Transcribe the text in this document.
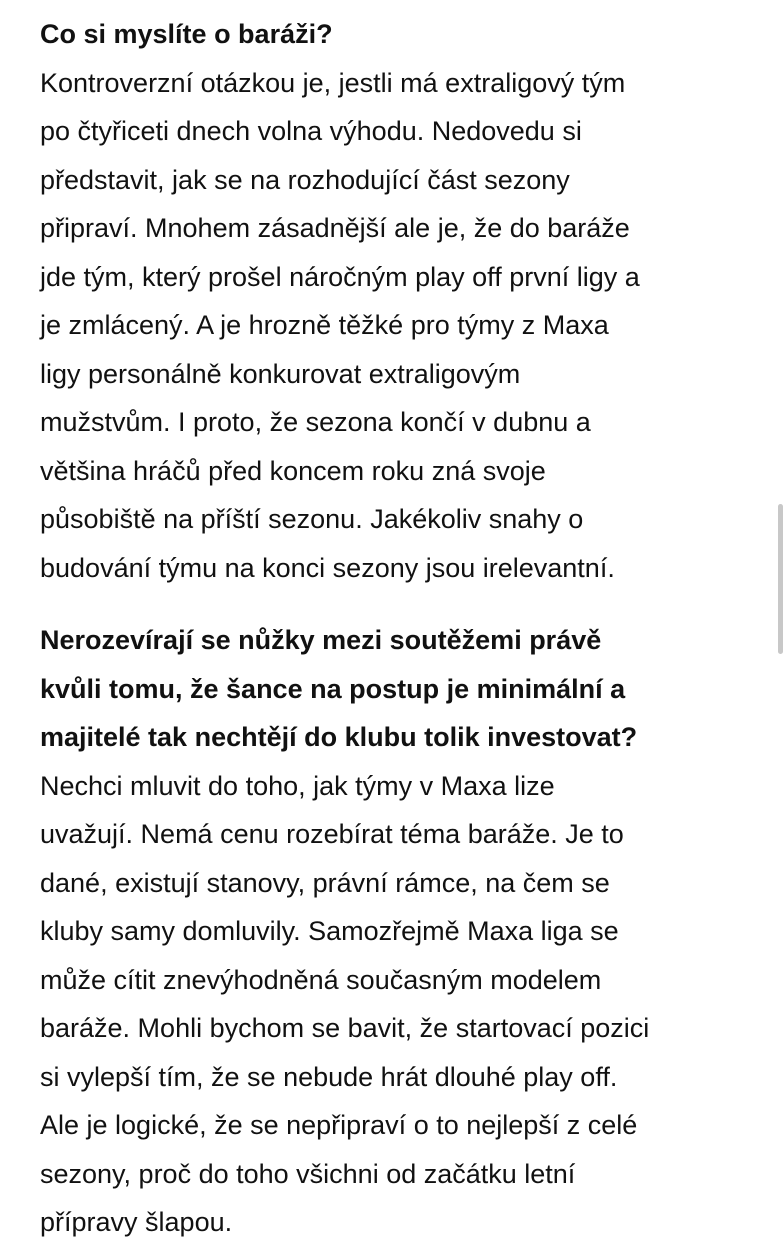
Co si myslíte o baráži?

Kontroverzní otázkou je, jestli má extraligový tým
po čtyřiceti dnech volna výhodu. Nedovedu si
představit, jak se na rozhodující část sezony
připraví. Mnohem zásadnější ale je, že do baráže
jde tým, který prošel náročným play off první ligy a
je zmlácený. A je hrozně těžké pro týmy z Maxa
ligy personálně konkurovat extraligovým
mužstvům. I proto, že sezona končí v dubnu a
většina hráčů před koncem roku zná svoje
působiště na příští sezonu. Jakékoliv snahy o
budování týmu na konci sezony jsou irelevantní.

Nerozevírají se nůžky mezi soutěžemi právě
kvůli tomu, že šance na postup je minimální a
majitelé tak nechtějí do klubu tolik investovat?

Nechci mluvit do toho, jak týmy v Maxa lize
uvažují. Nemá cenu rozebírat téma baráže. Je to
dané, existují stanovy, právní rámce, na čem se
kluby samy domluvily. Samozřejmě Maxa liga se
může cítit znevýhodněná současným modelem
baráže. Mohli bychom se bavit, že startovací pozici
si vylepší tím, že se nebude hrát dlouhé play off.
Ale je logické, že se nepřipraví o to nejlepší z celé
sezony, proč do toho všichni od začátku letní
přípravy šlapou.
